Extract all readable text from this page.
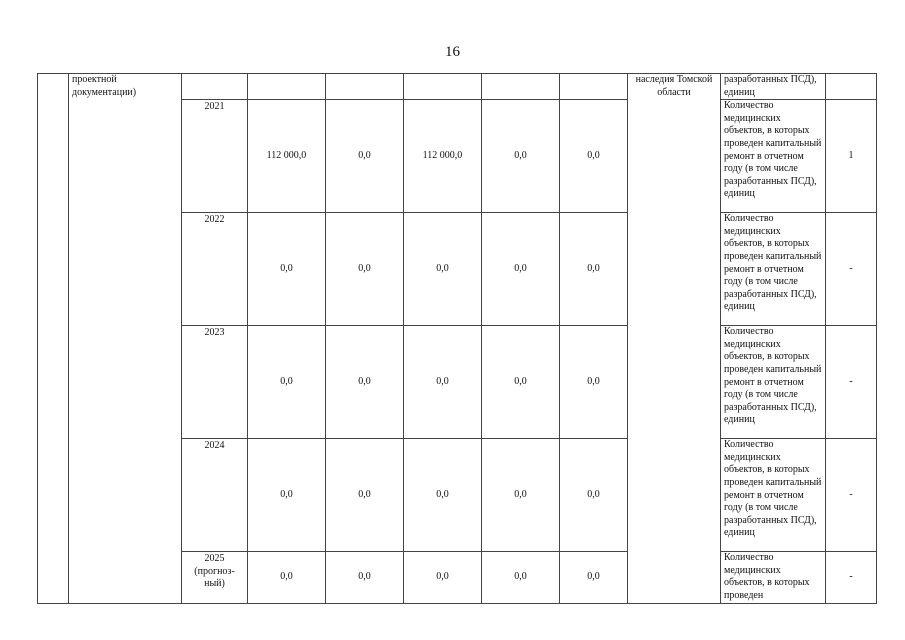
16
	проектной документации)							наследия Томской области	разработанных ПСД), единиц	
		2021	112 000,0	0,0	112 000,0	0,0	0,0		Количество медицинских объектов, в которых проведен капитальный ремонт в отчетном году (в том числе разработанных ПСД), единиц	1
		2022	0,0	0,0	0,0	0,0	0,0		Количество медицинских объектов, в которых проведен капитальный ремонт в отчетном году (в том числе разработанных ПСД), единиц	-
		2023	0,0	0,0	0,0	0,0	0,0		Количество медицинских объектов, в которых проведен капитальный ремонт в отчетном году (в том числе разработанных ПСД), единиц	-
		2024	0,0	0,0	0,0	0,0	0,0		Количество медицинских объектов, в которых проведен капитальный ремонт в отчетном году (в том числе разработанных ПСД), единиц	-
		2025 (прогноз- ный)	0,0	0,0	0,0	0,0	0,0		Количество медицинских объектов, в которых проведен	-
